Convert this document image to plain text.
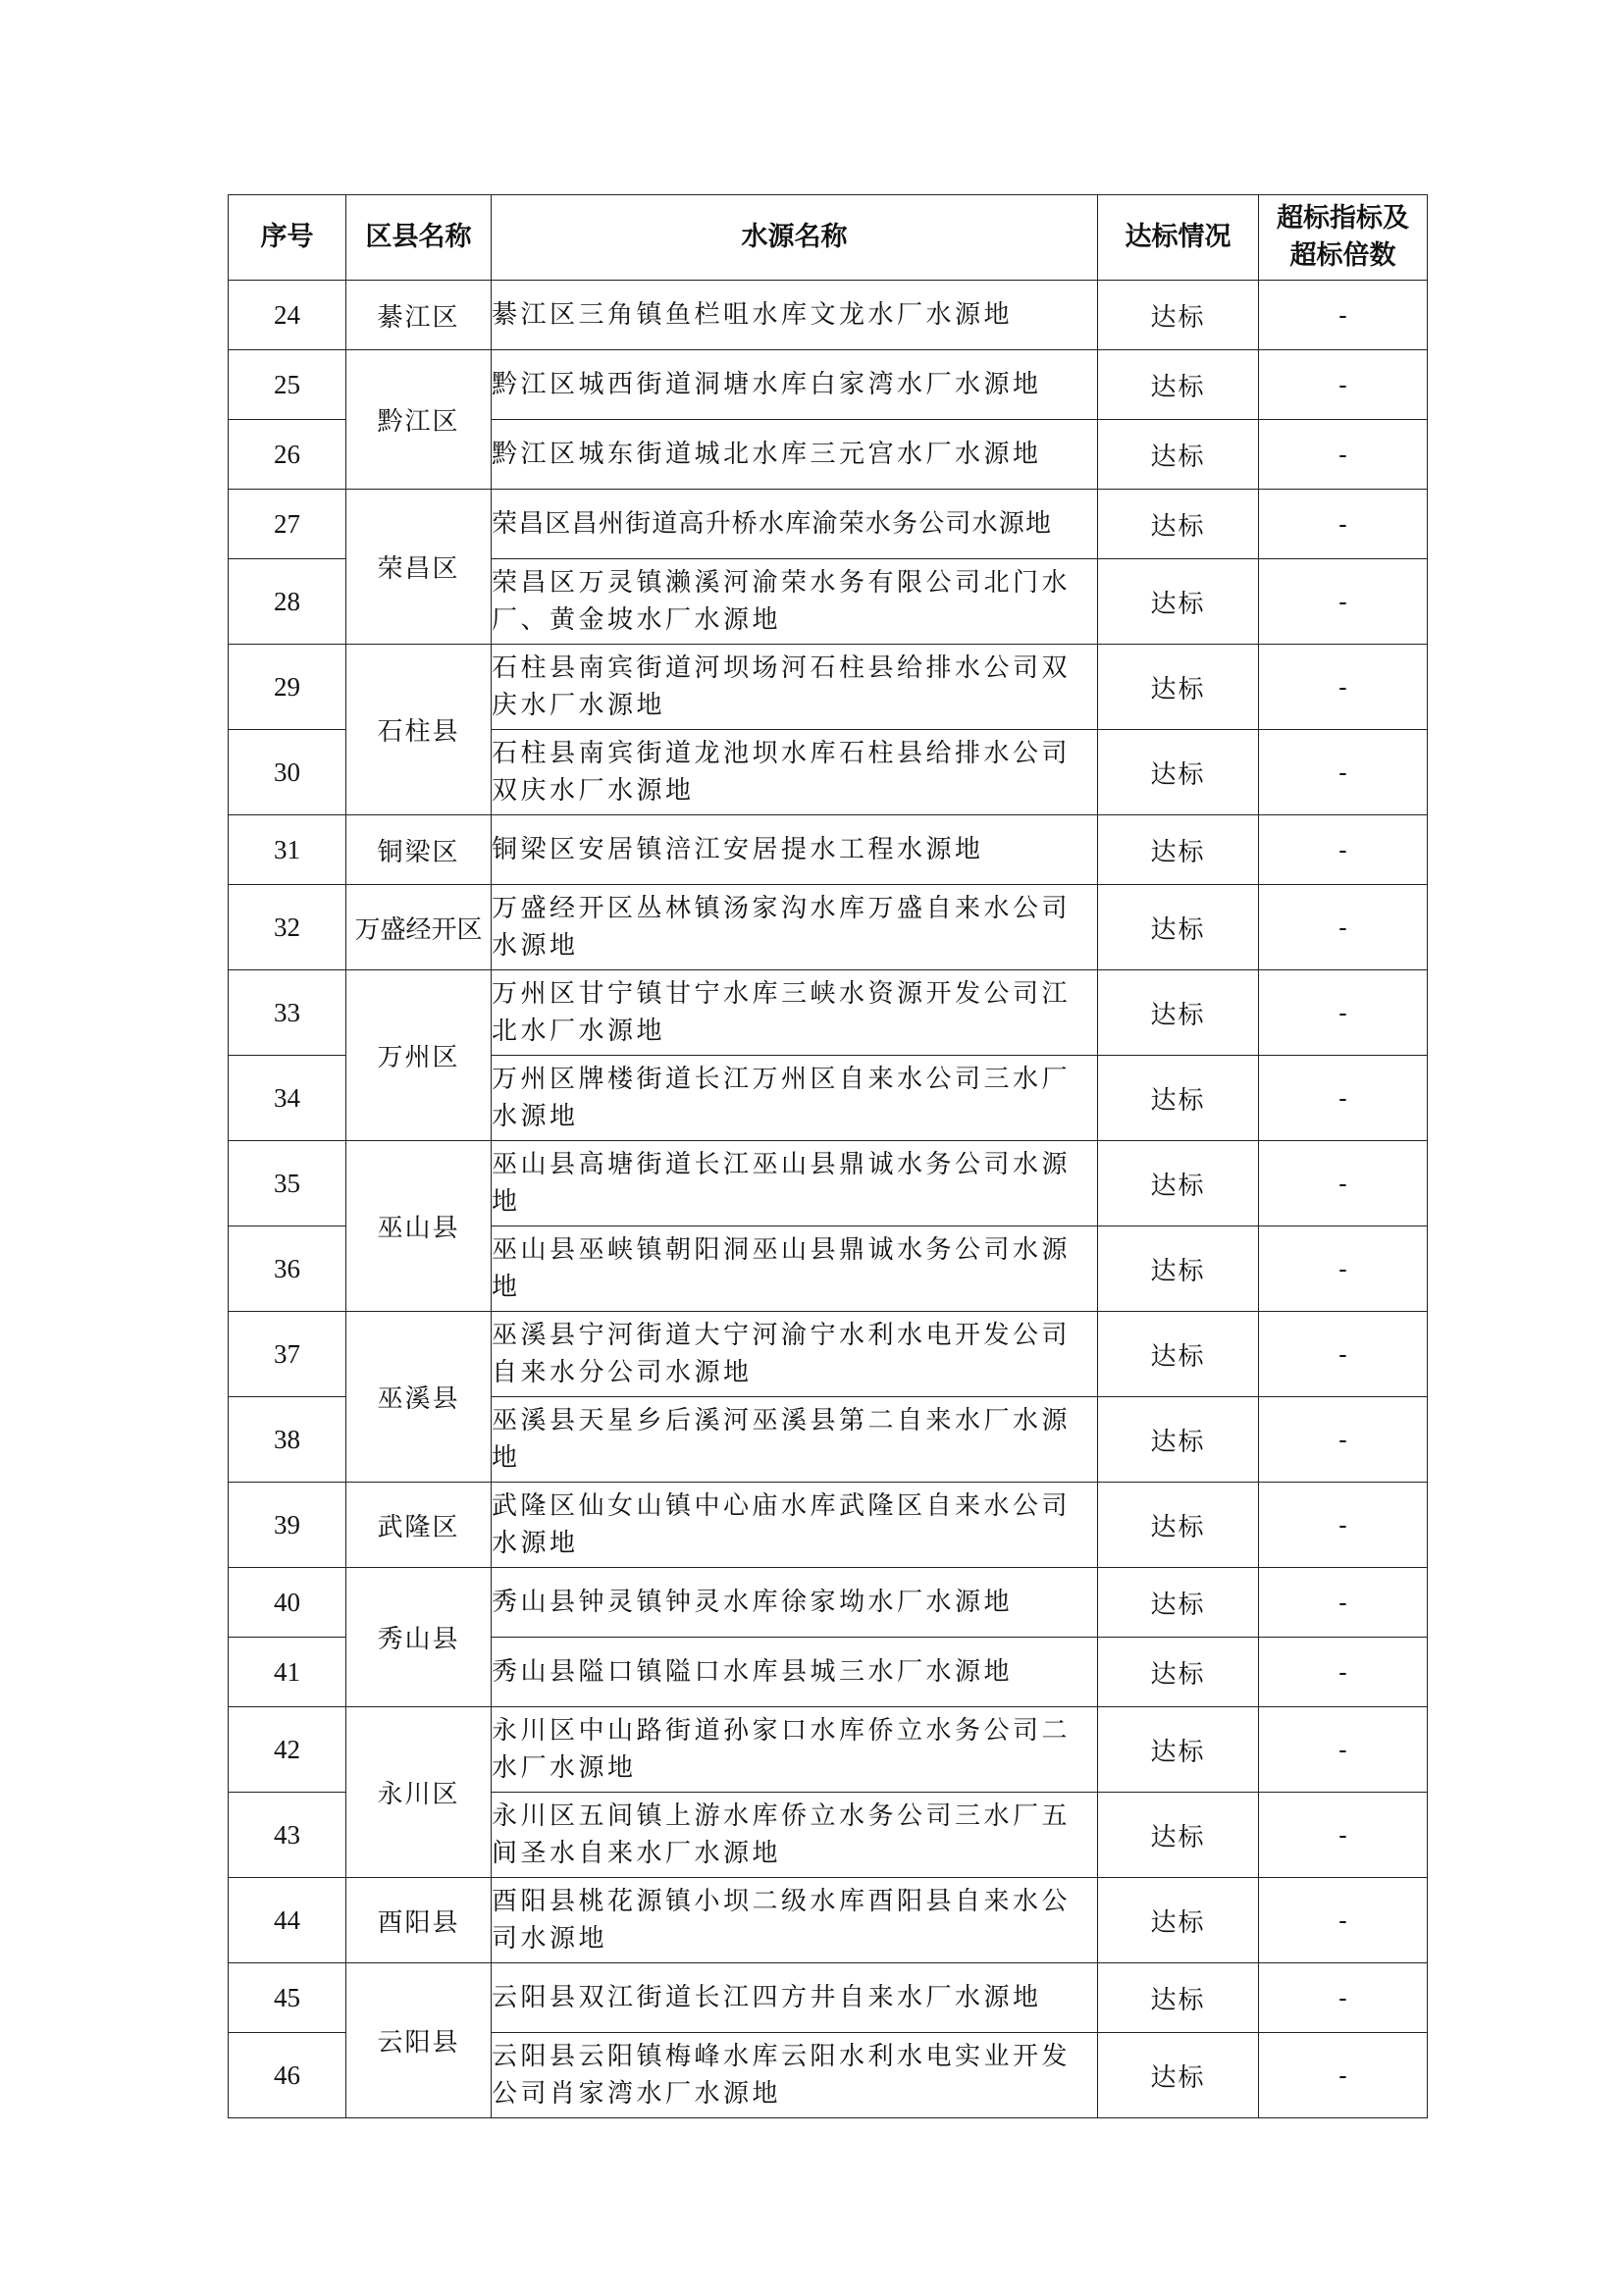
序号	区县名称	水源名称	达标情况	超标指标及
超标倍数
24	綦江区	綦江区三角镇鱼栏咀水库文龙水厂水源地	达标	-
25	黔江区	黔江区城西街道洞塘水库白家湾水厂水源地	达标	-
26		黔江区城东街道城北水库三元宫水厂水源地	达标	-
27	荣昌区	荣昌区昌州街道高升桥水库渝荣水务公司水源地	达标	-
28		荣昌区万灵镇濑溪河渝荣水务有限公司北门水厂、黄金坡水厂水源地	达标	-
29	石柱县	石柱县南宾街道河坝场河石柱县给排水公司双庆水厂水源地	达标	-
30		石柱县南宾街道龙池坝水库石柱县给排水公司双庆水厂水源地	达标	-
31	铜梁区	铜梁区安居镇涪江安居提水工程水源地	达标	-
32	万盛经开区	万盛经开区丛林镇汤家沟水库万盛自来水公司水源地	达标	-
33	万州区	万州区甘宁镇甘宁水库三峡水资源开发公司江北水厂水源地	达标	-
34		万州区牌楼街道长江万州区自来水公司三水厂水源地	达标	-
35	巫山县	巫山县高塘街道长江巫山县鼎诚水务公司水源地	达标	-
36		巫山县巫峡镇朝阳洞巫山县鼎诚水务公司水源地	达标	-
37	巫溪县	巫溪县宁河街道大宁河渝宁水利水电开发公司自来水分公司水源地	达标	-
38		巫溪县天星乡后溪河巫溪县第二自来水厂水源地	达标	-
39	武隆区	武隆区仙女山镇中心庙水库武隆区自来水公司水源地	达标	-
40	秀山县	秀山县钟灵镇钟灵水库徐家坳水厂水源地	达标	-
41		秀山县隘口镇隘口水库县城三水厂水源地	达标	-
42	永川区	永川区中山路街道孙家口水库侨立水务公司二水厂水源地	达标	-
43		永川区五间镇上游水库侨立水务公司三水厂五间圣水自来水厂水源地	达标	-
44	酉阳县	酉阳县桃花源镇小坝二级水库酉阳县自来水公司水源地	达标	-
45	云阳县	云阳县双江街道长江四方井自来水厂水源地	达标	-
46		云阳县云阳镇梅峰水库云阳水利水电实业开发公司肖家湾水厂水源地	达标	-
